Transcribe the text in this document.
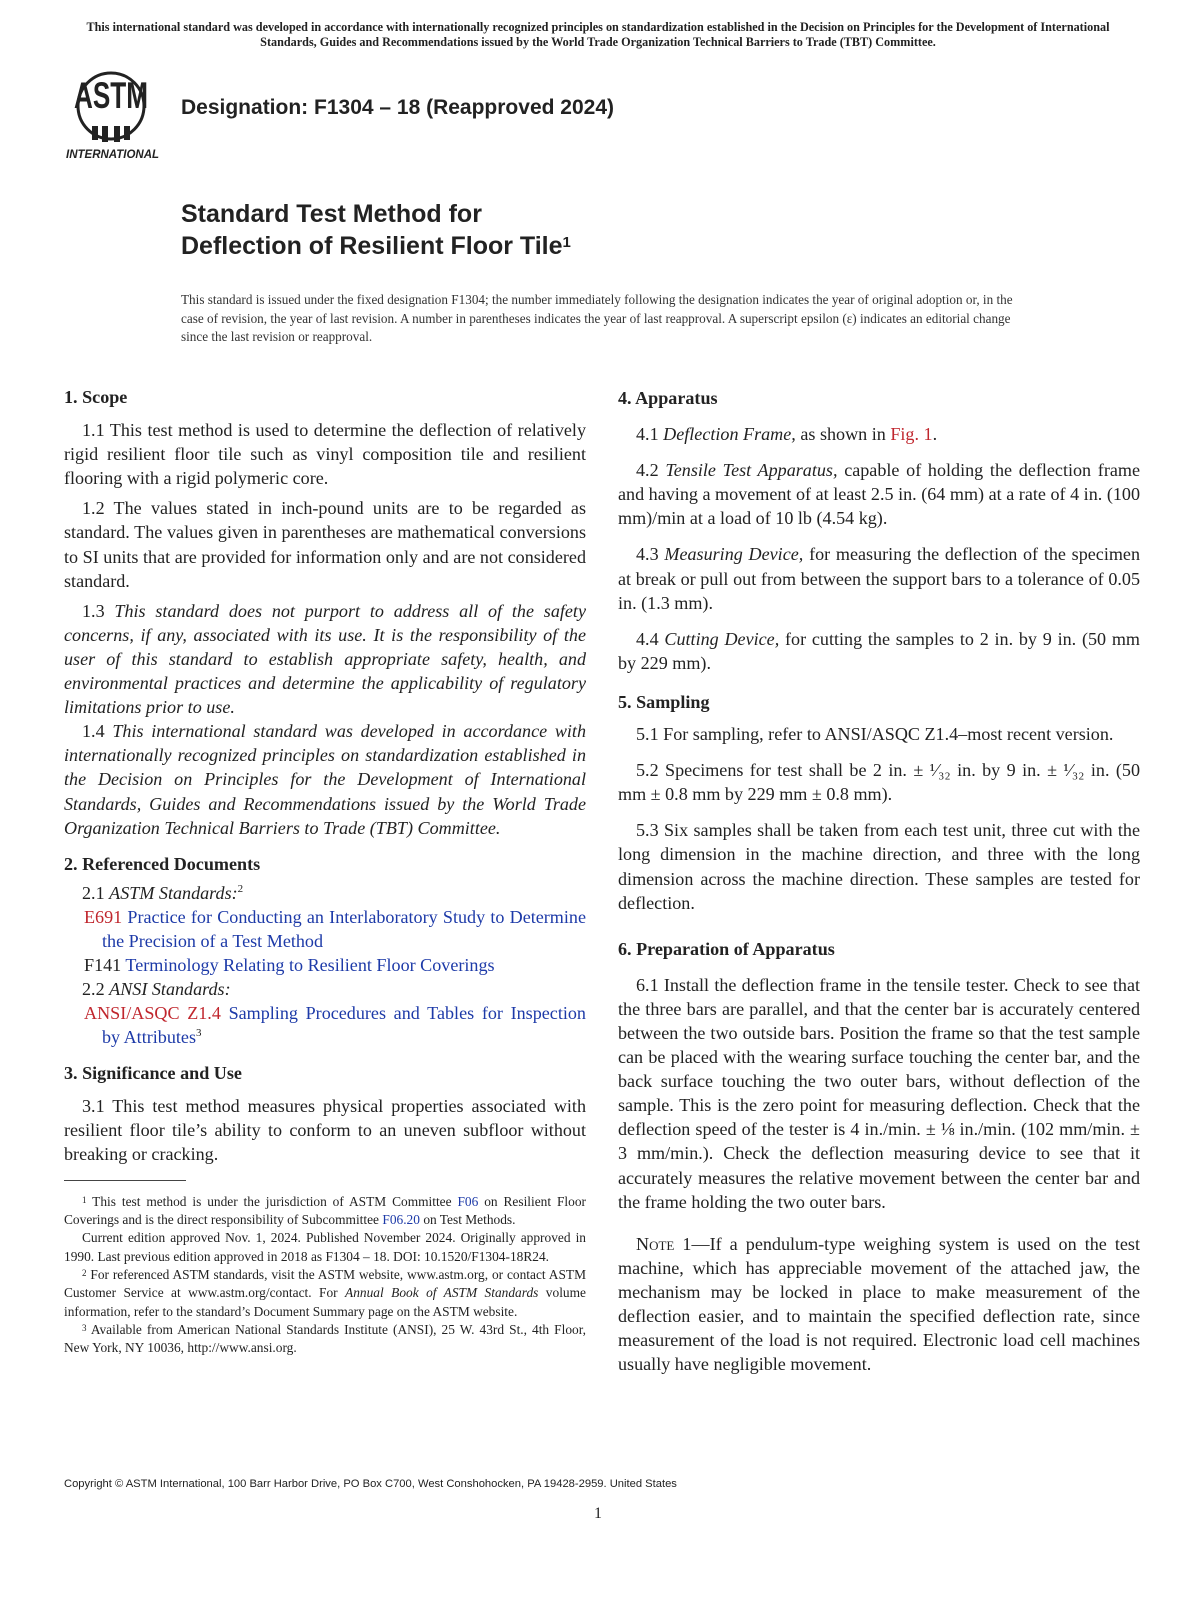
This international standard was developed in accordance with internationally recognized principles on standardization established in the Decision on Principles for the Development of International Standards, Guides and Recommendations issued by the World Trade Organization Technical Barriers to Trade (TBT) Committee.
ASTM
INTERNATIONAL
Designation: F1304 – 18 (Reapproved 2024)
Standard Test Method for
Deflection of Resilient Floor Tile$^1$
This standard is issued under the fixed designation F1304; the number immediately following the designation indicates the year of original adoption or, in the case of revision, the year of last revision. A number in parentheses indicates the year of last reapproval. A superscript epsilon (ε) indicates an editorial change since the last revision or reapproval.
1. Scope

1.1 This test method is used to determine the deflection of relatively rigid resilient floor tile such as vinyl composition tile and resilient flooring with a rigid polymeric core.

1.2 The values stated in inch-pound units are to be regarded as standard. The values given in parentheses are mathematical conversions to SI units that are provided for information only and are not considered standard.

1.3 This standard does not purport to address all of the safety concerns, if any, associated with its use. It is the responsibility of the user of this standard to establish appropriate safety, health, and environmental practices and determine the applicability of regulatory limitations prior to use.

1.4 This international standard was developed in accordance with internationally recognized principles on standardization established in the Decision on Principles for the Development of International Standards, Guides and Recommendations issued by the World Trade Organization Technical Barriers to Trade (TBT) Committee.

2. Referenced Documents
2.1 ASTM Standards:$^2$
E691 Practice for Conducting an Interlaboratory Study to Determine the Precision of a Test Method
F141 Terminology Relating to Resilient Floor Coverings
2.2 ANSI Standards:
ANSI/ASQC Z1.4 Sampling Procedures and Tables for Inspection by Attributes$^3$
3. Significance and Use

3.1 This test method measures physical properties associated with resilient floor tile’s ability to conform to an uneven subfloor without breaking or cracking.

$^1$ This test method is under the jurisdiction of ASTM Committee F06 on Resilient Floor Coverings and is the direct responsibility of Subcommittee F06.20 on Test Methods.

Current edition approved Nov. 1, 2024. Published November 2024. Originally approved in 1990. Last previous edition approved in 2018 as F1304 – 18. DOI: 10.1520/F1304-18R24.

$^2$ For referenced ASTM standards, visit the ASTM website, www.astm.org, or contact ASTM Customer Service at www.astm.org/contact. For Annual Book of ASTM Standards volume information, refer to the standard’s Document Summary page on the ASTM website.

$^3$ Available from American National Standards Institute (ANSI), 25 W. 43rd St., 4th Floor, New York, NY 10036, http://www.ansi.org.

4. Apparatus

4.1 Deflection Frame, as shown in Fig. 1.

4.2 Tensile Test Apparatus, capable of holding the deflection frame and having a movement of at least 2.5 in. (64 mm) at a rate of 4 in. (100 mm)/min at a load of 10 lb (4.54 kg).

4.3 Measuring Device, for measuring the deflection of the specimen at break or pull out from between the support bars to a tolerance of 0.05 in. (1.3 mm).

4.4 Cutting Device, for cutting the samples to 2 in. by 9 in. (50 mm by 229 mm).

5. Sampling

5.1 For sampling, refer to ANSI/ASQC Z1.4–most recent version.

5.2 Specimens for test shall be 2 in. ± ¹⁄₃₂ in. by 9 in. ± ¹⁄₃₂ in. (50 mm ± 0.8 mm by 229 mm ± 0.8 mm).

5.3 Six samples shall be taken from each test unit, three cut with the long dimension in the machine direction, and three with the long dimension across the machine direction. These samples are tested for deflection.

6. Preparation of Apparatus

6.1 Install the deflection frame in the tensile tester. Check to see that the three bars are parallel, and that the center bar is accurately centered between the two outside bars. Position the frame so that the test sample can be placed with the wearing surface touching the center bar, and the back surface touching the two outer bars, without deflection of the sample. This is the zero point for measuring deflection. Check that the deflection speed of the tester is 4 in./min. ± ⅛ in./min. (102 mm/min. ± 3 mm/min.). Check the deflection measuring device to see that it accurately measures the relative movement between the center bar and the frame holding the two outer bars.

Note 1—If a pendulum-type weighing system is used on the test machine, which has appreciable movement of the attached jaw, the mechanism may be locked in place to make measurement of the deflection easier, and to maintain the specified deflection rate, since measurement of the load is not required. Electronic load cell machines usually have negligible movement.

Copyright © ASTM International, 100 Barr Harbor Drive, PO Box C700, West Conshohocken, PA 19428-2959. United States
1
